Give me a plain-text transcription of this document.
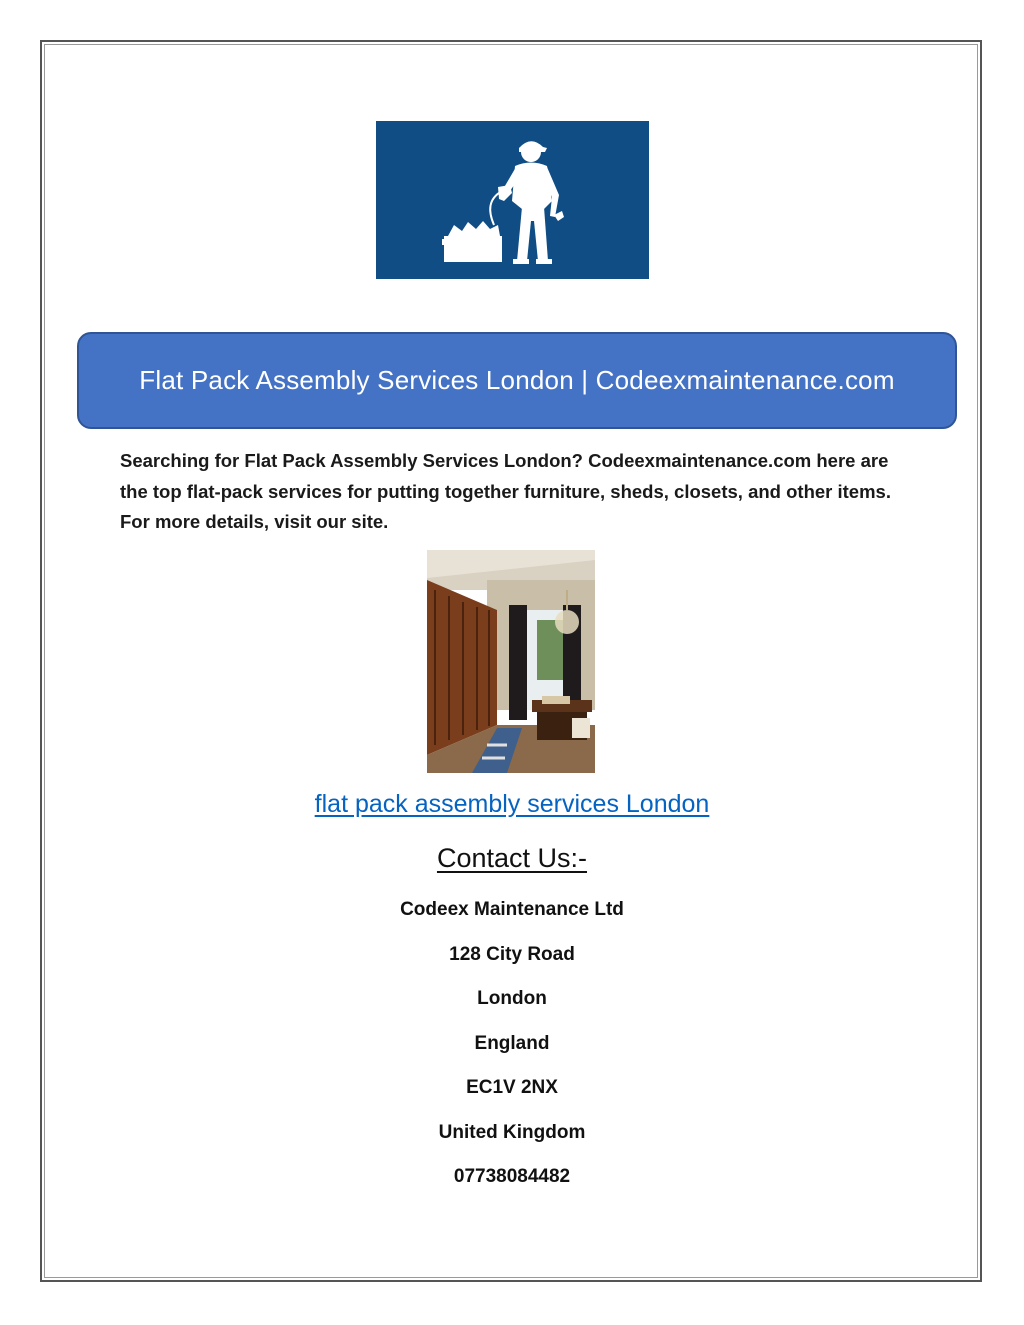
Flat Pack Assembly Services London | Codeexmaintenance.com

Searching for Flat Pack Assembly Services London? Codeexmaintenance.com here are the top flat-pack services for putting together furniture, sheds, closets, and other items. For more details, visit our site.

flat pack assembly services London
Contact Us:-
Codeex Maintenance Ltd
128 City Road
London
England
EC1V 2NX
United Kingdom
07738084482
